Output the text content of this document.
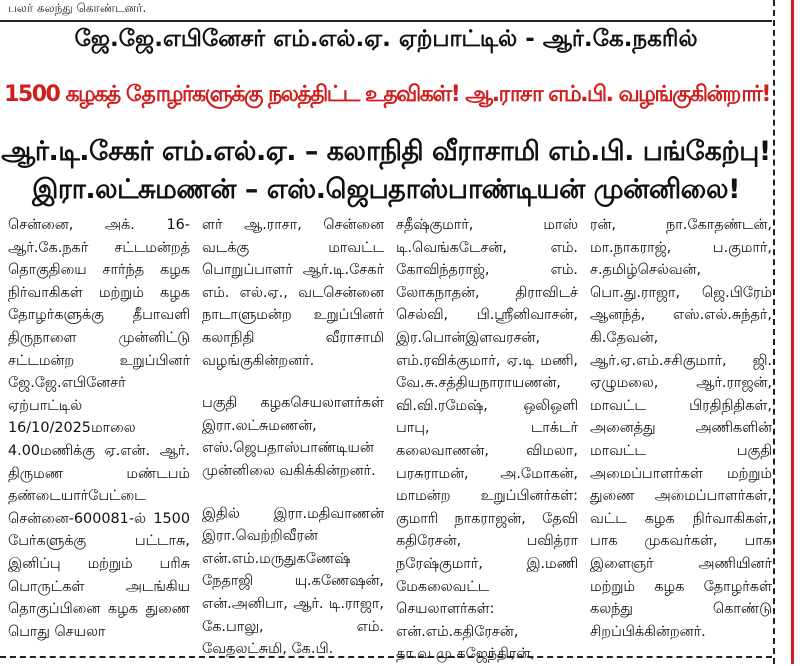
பலர் கலந்து கொண்டனர்.
ஜே.ஜே.எபினேசர் எம்.எல்.ஏ. ஏற்பாட்டில் - ஆர்.கே.நகரில்
1500 கழகத் தோழர்களுக்கு நலத்திட்ட உதவிகள்! ஆ.ராசா எம்.பி. வழங்குகின்றார்!
ஆர்.டி.சேகர் எம்.எல்.ஏ. – கலாநிதி வீராசாமி எம்.பி. பங்கேற்பு!
இரா.லட்சுமணன் – எஸ்.ஜெபதாஸ்பாண்டியன் முன்னிலை!

சென்னை, அக். 16- ஆர்.கே.நகர் சட்டமன்றத் தொகுதியை சார்ந்த கழக நிர்வாகிகள் மற்றும் கழக தோழர்களுக்கு தீபாவளி திருநாளை முன்னிட்டு சட்டமன்ற உறுப்பினர் ஜே.ஜே.எபினேசர் ஏற்பாட்டில் 16/10/2025மாலை 4.00மணிக்கு ஏ.என். ஆர். திருமண மண்டபம் தண்டையார்பேட்டை சென்னை-600081-ல் 1500 பேர்களுக்கு பட்டாசு, இனிப்பு மற்றும் பரிசு பொருட்கள் அடங்கிய தொகுப்பினை கழக துணை பொது செயலா

ளர் ஆ.ராசா, சென்னை வடக்கு மாவட்ட பொறுப்பாளர் ஆர்.டி.சேகர் எம். எல்.ஏ., வடசென்னை நாடாளுமன்ற உறுப்பினர் கலாநிதி வீராசாமி வழங்குகின்றனர்.

பகுதி கழகசெயலாளர்கள் இரா.லட்சுமணன், எஸ்.ஜெபதாஸ்பாண்டியன் முன்னிலை வகிக்கின்றனர்.

இதில் இரா.மதிவாணன் இரா.வெற்றிவீரன் என்.எம்.மருதுகணேஷ் நேதாஜி யு.கணேஷன், என்.அனிபா, ஆர். டி.ராஜா, கே.பாலு, எம். வேதலட்சுமி, கே.பி.

சதீஷ்குமார், மாஸ் டி.வெங்கடேசன், எம். கோவிந்தராஜ், எம். லோகநாதன், திராவிடச் செல்வி, பி.ஸ்ரீனிவாசன், இர.பொன்இளவரசன், எம்.ரவிக்குமார், ஏ.டி மணி, வே.சு.சத்தியநாராயணன், வி.வி.ரமேஷ், ஒலிஒளி பாபு, டாக்டர் கலைவாணன், விமலா, பரசுராமன், அ.மோகன், மாமன்ற உறுப்பினர்கள்: குமாரி நாகராஜன், தேவி கதிரேசன், பவித்ரா நரேஷ்குமார், இ.மணி மேகலைவட்ட செயலாளர்கள்: என்.எம்.கதிரேசன், தா.வ.மு.கஜேந்திரன்,

ரன், நா.கோதண்டன், மா.நாகராஜ், ப.குமார், ச.தமிழ்செல்வன், பொ.து.ராஜா, ஜெ.பிரேம் ஆனந்த், எஸ்.எல்.சுந்தர், கி.தேவன், ஆர்.ஏ.எம்.சசிகுமார், ஜி. ஏழுமலை, ஆர்.ராஜன், மாவட்ட பிரதிநிதிகள், அனைத்து அணிகளின் மாவட்ட பகுதி அமைப்பாளர்கள் மற்றும் துணை அமைப்பாளர்கள், வட்ட கழக நிர்வாகிகள், பாக முகவர்கள், பாக இளைஞர் அணியினர் மற்றும் கழக தோழர்கள் கலந்து கொண்டு சிறப்பிக்கின்றனர்.
